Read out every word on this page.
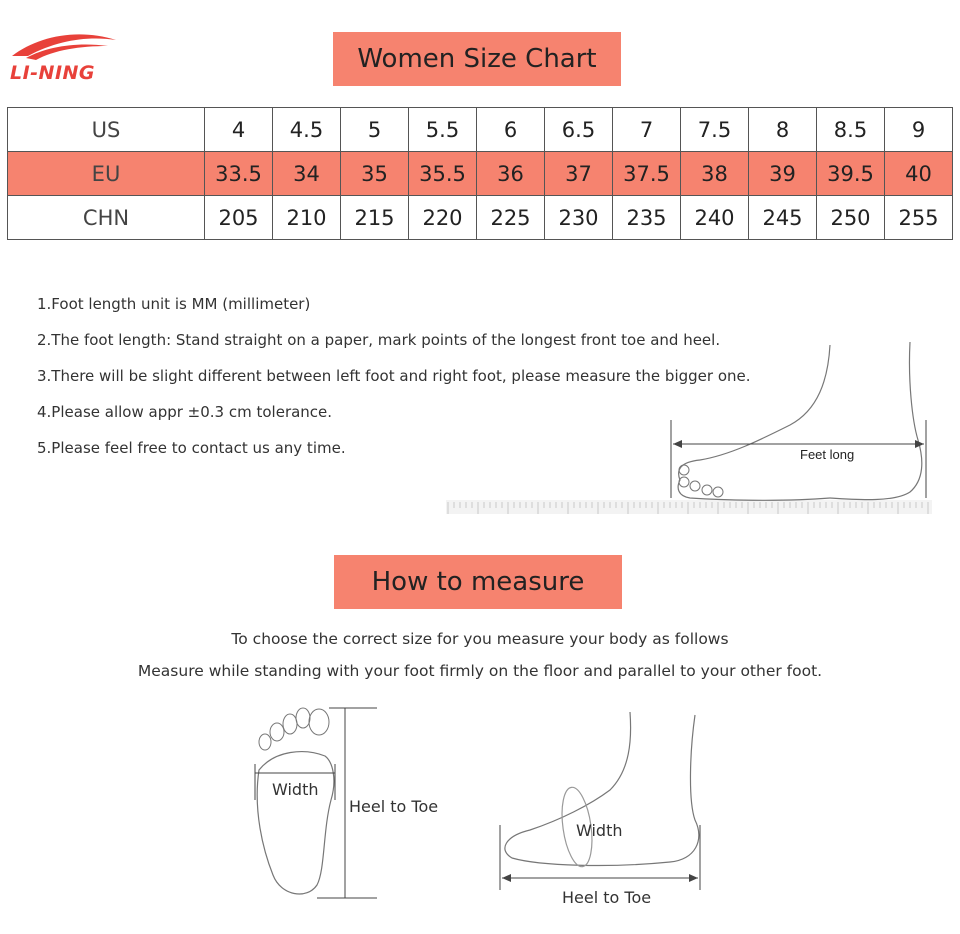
LI-NING	Women Size Chart
US	4	4.5	5	5.5	6	6.5	7	7.5	8	8.5	9
EU	33.5	34	35	35.5	36	37	37.5	38	39	39.5	40
CHN	205	210	215	220	225	230	235	240	245	250	255
1.Foot length unit is MM (millimeter)
2.The foot length: Stand straight on a paper, mark points of the longest front toe and heel.
3.There will be slight different between left foot and right foot, please measure the bigger one.
4.Please allow appr ±0.3 cm tolerance.
5.Please feel free to contact us any time.	Feet long
How to measure
To choose the correct size for you measure your body as follows
Measure while standing with your foot firmly on the floor and parallel to your other foot.
Width
Heel to Toe
Width
Heel to Toe
